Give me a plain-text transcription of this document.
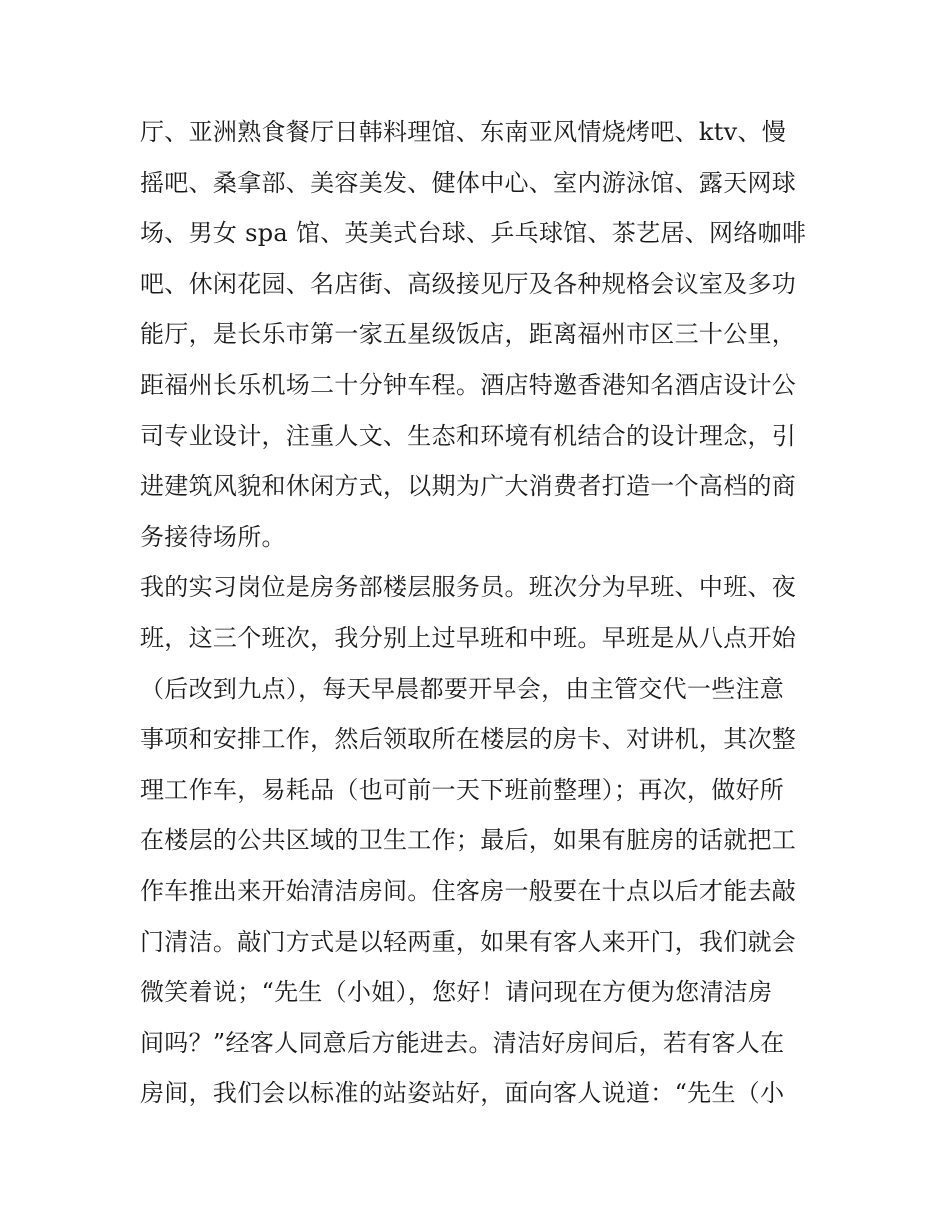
厅、亚洲熟食餐厅日韩料理馆、东南亚风情烧烤吧、ktv、慢
摇吧、桑拿部、美容美发、健体中心、室内游泳馆、露天网球
场、男女 spa 馆、英美式台球、乒乓球馆、茶艺居、网络咖啡
吧、休闲花园、名店街、高级接见厅及各种规格会议室及多功
能厅，是长乐市第一家五星级饭店，距离福州市区三十公里，
距福州长乐机场二十分钟车程。酒店特邀香港知名酒店设计公
司专业设计，注重人文、生态和环境有机结合的设计理念，引
进建筑风貌和休闲方式，以期为广大消费者打造一个高档的商
务接待场所。
我的实习岗位是房务部楼层服务员。班次分为早班、中班、夜
班，这三个班次，我分别上过早班和中班。早班是从八点开始
（后改到九点），每天早晨都要开早会，由主管交代一些注意
事项和安排工作，然后领取所在楼层的房卡、对讲机，其次整
理工作车，易耗品（也可前一天下班前整理）；再次，做好所
在楼层的公共区域的卫生工作；最后，如果有脏房的话就把工
作车推出来开始清洁房间。住客房一般要在十点以后才能去敲
门清洁。敲门方式是以轻两重，如果有客人来开门，我们就会
微笑着说；“先生（小姐），您好！请问现在方便为您清洁房
间吗？”经客人同意后方能进去。清洁好房间后，若有客人在
房间，我们会以标准的站姿站好，面向客人说道：“先生（小
